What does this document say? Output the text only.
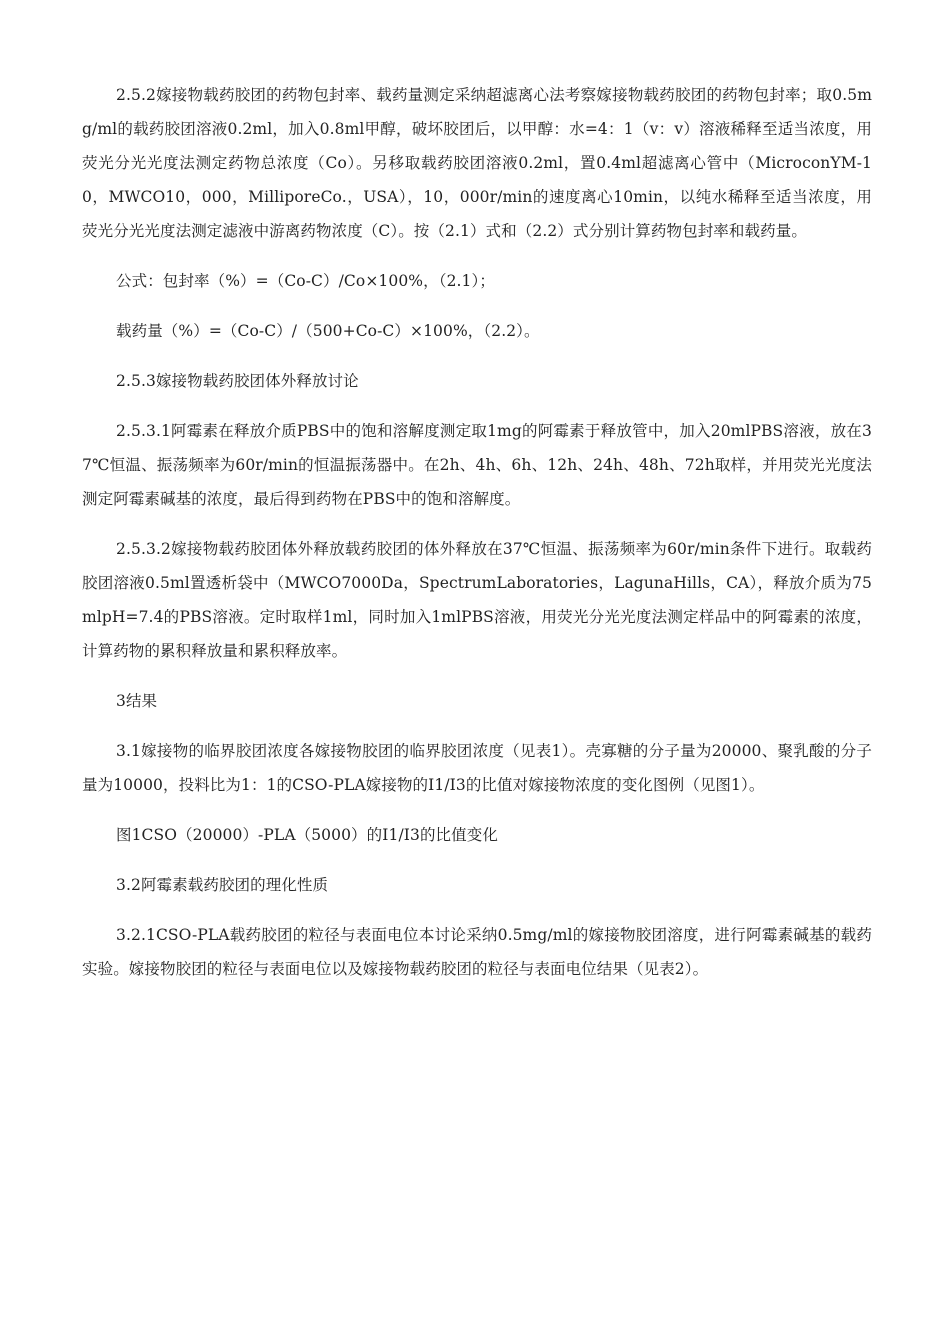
2.5.2嫁接物载药胶团的药物包封率、载药量测定采纳超滤离心法考察嫁接物载药胶团的药物包封率；取0.5mg/ml的载药胶团溶液0.2ml，加入0.8ml甲醇，破坏胶团后，以甲醇：水=4：1（v：v）溶液稀释至适当浓度，用荧光分光光度法测定药物总浓度（Co）。另移取载药胶团溶液0.2ml，置0.4ml超滤离心管中（MicroconYM-10，MWCO10，000，MilliporeCo.，USA），10，000r/min的速度离心10min，以纯水稀释至适当浓度，用荧光分光光度法测定滤液中游离药物浓度（C）。按（2.1）式和（2.2）式分别计算药物包封率和载药量。

公式：包封率（%）=（Co-C）/Co×100%，（2.1）；

载药量（%）=（Co-C）/（500+Co-C）×100%，（2.2）。

2.5.3嫁接物载药胶团体外释放讨论

2.5.3.1阿霉素在释放介质PBS中的饱和溶解度测定取1mg的阿霉素于释放管中，加入20mlPBS溶液，放在37℃恒温、振荡频率为60r/min的恒温振荡器中。在2h、4h、6h、12h、24h、48h、72h取样，并用荧光光度法测定阿霉素碱基的浓度，最后得到药物在PBS中的饱和溶解度。

2.5.3.2嫁接物载药胶团体外释放载药胶团的体外释放在37℃恒温、振荡频率为60r/min条件下进行。取载药胶团溶液0.5ml置透析袋中（MWCO7000Da，SpectrumLaboratories，LagunaHills，CA），释放介质为75mlpH=7.4的PBS溶液。定时取样1ml，同时加入1mlPBS溶液，用荧光分光光度法测定样品中的阿霉素的浓度，计算药物的累积释放量和累积释放率。

3结果

3.1嫁接物的临界胶团浓度各嫁接物胶团的临界胶团浓度（见表1）。壳寡糖的分子量为20000、聚乳酸的分子量为10000，投料比为1：1的CSO-PLA嫁接物的I1/I3的比值对嫁接物浓度的变化图例（见图1）。

图1CSO（20000）-PLA（5000）的I1/I3的比值变化

3.2阿霉素载药胶团的理化性质

3.2.1CSO-PLA载药胶团的粒径与表面电位本讨论采纳0.5mg/ml的嫁接物胶团溶度，进行阿霉素碱基的载药实验。嫁接物胶团的粒径与表面电位以及嫁接物载药胶团的粒径与表面电位结果（见表2）。
